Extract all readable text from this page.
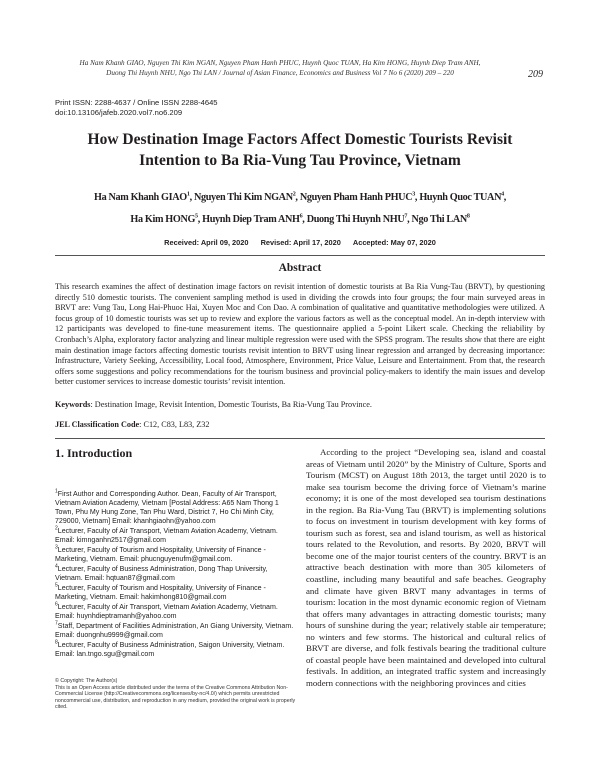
Ha Nam Khanh GIAO, Nguyen Thi Kim NGAN, Nguyen Pham Hanh PHUC, Huynh Quoc TUAN, Ha Kim HONG, Huynh Diep Tram ANH,
Duong Thi Huynh NHU, Ngo Thi LAN / Journal of Asian Finance, Economics and Business Vol 7 No 6 (2020) 209 – 220	209
Print ISSN: 2288-4637 / Online ISSN 2288-4645
doi:10.13106/jafeb.2020.vol7.no6.209
How Destination Image Factors Affect Domestic Tourists Revisit
Intention to Ba Ria-Vung Tau Province, Vietnam
Ha Nam Khanh GIAO$^1$, Nguyen Thi Kim NGAN$^2$, Nguyen Pham Hanh PHUC$^3$, Huynh Quoc TUAN$^4$,
Ha Kim HONG$^5$, Huynh Diep Tram ANH$^6$, Duong Thi Huynh NHU$^7$, Ngo Thi LAN$^8$
Received: April 09, 2020 Revised: April 17, 2020 Accepted: May 07, 2020
Abstract
This research examines the affect of destination image factors on revisit intention of domestic tourists at Ba Ria Vung-Tau (BRVT), by questioning directly 510 domestic tourists. The convenient sampling method is used in dividing the crowds into four groups; the four main surveyed areas in BRVT are: Vung Tau, Long Hai-Phuoc Hai, Xuyen Moc and Con Dao. A combination of qualitative and quantitative methodologies were utilized. A focus group of 10 domestic tourists was set up to review and explore the various factors as well as the conceptual model. An in-depth interview with 12 participants was developed to fine-tune measurement items. The questionnaire applied a 5-point Likert scale. Checking the reliability by Cronbach’s Alpha, exploratory factor analyzing and linear multiple regression were used with the SPSS program. The results show that there are eight main destination image factors affecting domestic tourists revisit intention to BRVT using linear regression and arranged by decreasing importance: Infrastructure, Variety Seeking, Accessibility, Local food, Atmosphere, Environment, Price Value, Leisure and Entertainment. From that, the research offers some suggestions and policy recommendations for the tourism business and provincial policy-makers to identify the main issues and develop better customer services to increase domestic tourists’ revisit intention.
Keywords: Destination Image, Revisit Intention, Domestic Tourists, Ba Ria-Vung Tau Province.
JEL Classification Code: C12, C83, L83, Z32
1. Introduction
$^1$First Author and Corresponding Author. Dean, Faculty of Air Transport, Vietnam Aviation Academy, Vietnam [Postal Address: A65 Nam Thong 1 Town, Phu My Hung Zone, Tan Phu Ward, District 7, Ho Chi Minh City, 729000, Vietnam] Email: khanhgiaohn@yahoo.com
$^2$Lecturer, Faculty of Air Transport, Vietnam Aviation Academy, Vietnam. Email: kimnganhn2517@gmail.com
$^3$Lecturer, Faculty of Tourism and Hospitality, University of Finance - Marketing, Vietnam. Email: phucnguyenufm@gmail.com.
$^4$Lecturer, Faculty of Business Administration, Dong Thap University, Vietnam. Email: hqtuan87@gmail.com
$^5$Lecturer, Faculty of Tourism and Hospitality, University of Finance - Marketing, Vietnam. Email: hakimhong810@gmail.com
$^6$Lecturer, Faculty of Air Transport, Vietnam Aviation Academy, Vietnam. Email: huynhdieptramanh@yahoo.com
$^7$Staff, Department of Facilities Administration, An Giang University, Vietnam. Email: duongnhu9999@gmail.com
$^8$Lecturer, Faculty of Business Administration, Saigon University, Vietnam. Email: lan.tngo.sgu@gmail.com
© Copyright: The Author(s)
This is an Open Access article distributed under the terms of the Creative Commons Attribution Non-Commercial License (http://Creativecommons.org/licenses/by-nc/4.0/) which permits unrestricted noncommercial use, distribution, and reproduction in any medium, provided the original work is properly cited.
According to the project “Developing sea, island and coastal areas of Vietnam until 2020” by the Ministry of Culture, Sports and Tourism (MCST) on August 18th 2013, the target until 2020 is to make sea tourism become the driving force of Vietnam’s marine economy; it is one of the most developed sea tourism destinations in the region. Ba Ria-Vung Tau (BRVT) is implementing solutions to focus on investment in tourism development with key forms of tourism such as forest, sea and island tourism, as well as historical tours related to the Revolution, and resorts. By 2020, BRVT will become one of the major tourist centers of the country. BRVT is an attractive beach destination with more than 305 kilometers of coastline, including many beautiful and safe beaches. Geography and climate have given BRVT many advantages in terms of tourism: location in the most dynamic economic region of Vietnam that offers many advantages in attracting domestic tourists; many hours of sunshine during the year; relatively stable air temperature; no winters and few storms. The historical and cultural relics of BRVT are diverse, and folk festivals bearing the traditional culture of coastal people have been maintained and developed into cultural festivals. In addition, an integrated traffic system and increasingly modern connections with the neighboring provinces and cities
